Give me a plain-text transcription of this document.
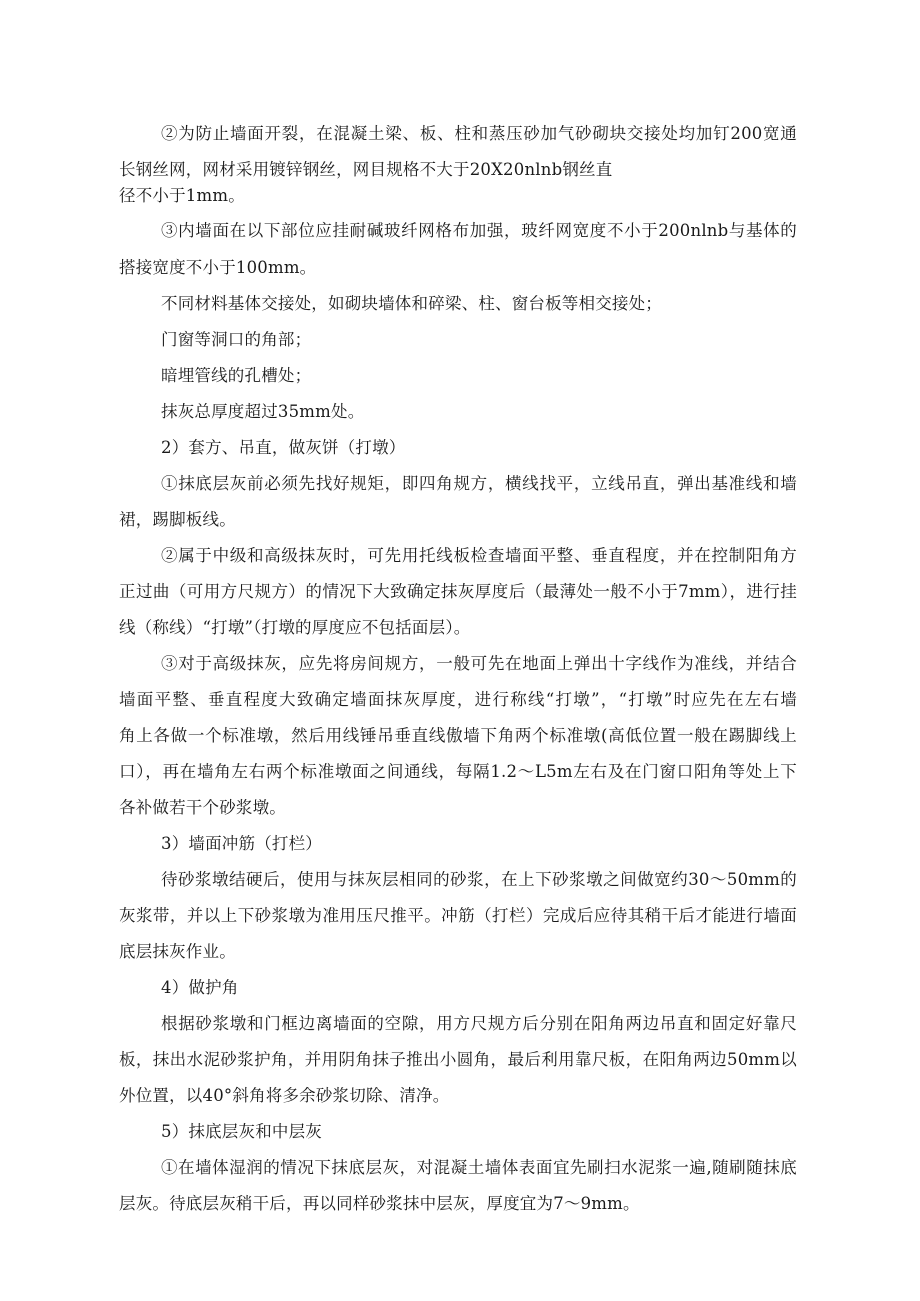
②为防止墙面开裂，在混凝土梁、板、柱和蒸压砂加气砂砌块交接处均加钉200宽通
长钢丝网，网材采用镀锌钢丝，网目规格不大于20X20nlnb钢丝直
径不小于1mm。
③内墙面在以下部位应挂耐碱玻纤网格布加强，玻纤网宽度不小于200nlnb与基体的
搭接宽度不小于100mm。
不同材料基体交接处，如砌块墙体和碎梁、柱、窗台板等相交接处；
门窗等洞口的角部；
暗埋管线的孔槽处；
抹灰总厚度超过35mm处。
2）套方、吊直，做灰饼（打墩）
①抹底层灰前必须先找好规矩，即四角规方，横线找平，立线吊直，弹出基准线和墙
裙，踢脚板线。
②属于中级和高级抹灰时，可先用托线板检查墙面平整、垂直程度，并在控制阳角方
正过曲（可用方尺规方）的情况下大致确定抹灰厚度后（最薄处一般不小于7mm），进行挂
线（称线）“打墩”（打墩的厚度应不包括面层）。
③对于高级抹灰，应先将房间规方，一般可先在地面上弹出十字线作为准线，并结合
墙面平整、垂直程度大致确定墙面抹灰厚度，进行称线“打墩”，“打墩”时应先在左右墙
角上各做一个标准墩，然后用线锤吊垂直线傲墙下角两个标准墩(高低位置一般在踢脚线上
口），再在墙角左右两个标准墩面之间通线，每隔1.2～L5m左右及在门窗口阳角等处上下
各补做若干个砂浆墩。
3）墙面冲筋（打栏）
待砂浆墩结硬后，使用与抹灰层相同的砂浆，在上下砂浆墩之间做宽约30～50mm的
灰浆带，并以上下砂浆墩为准用压尺推平。冲筋（打栏）完成后应待其稍干后才能进行墙面
底层抹灰作业。
4）做护角
根据砂浆墩和门框边离墙面的空隙，用方尺规方后分别在阳角两边吊直和固定好靠尺
板，抹出水泥砂浆护角，并用阴角抹子推出小圆角，最后利用靠尺板，在阳角两边50mm以
外位置，以40°斜角将多余砂浆切除、清净。
5）抹底层灰和中层灰
①在墙体湿润的情况下抹底层灰，对混凝土墙体表面宜先刷扫水泥浆一遍,随刷随抹底
层灰。待底层灰稍干后，再以同样砂浆抹中层灰，厚度宜为7～9mm。
